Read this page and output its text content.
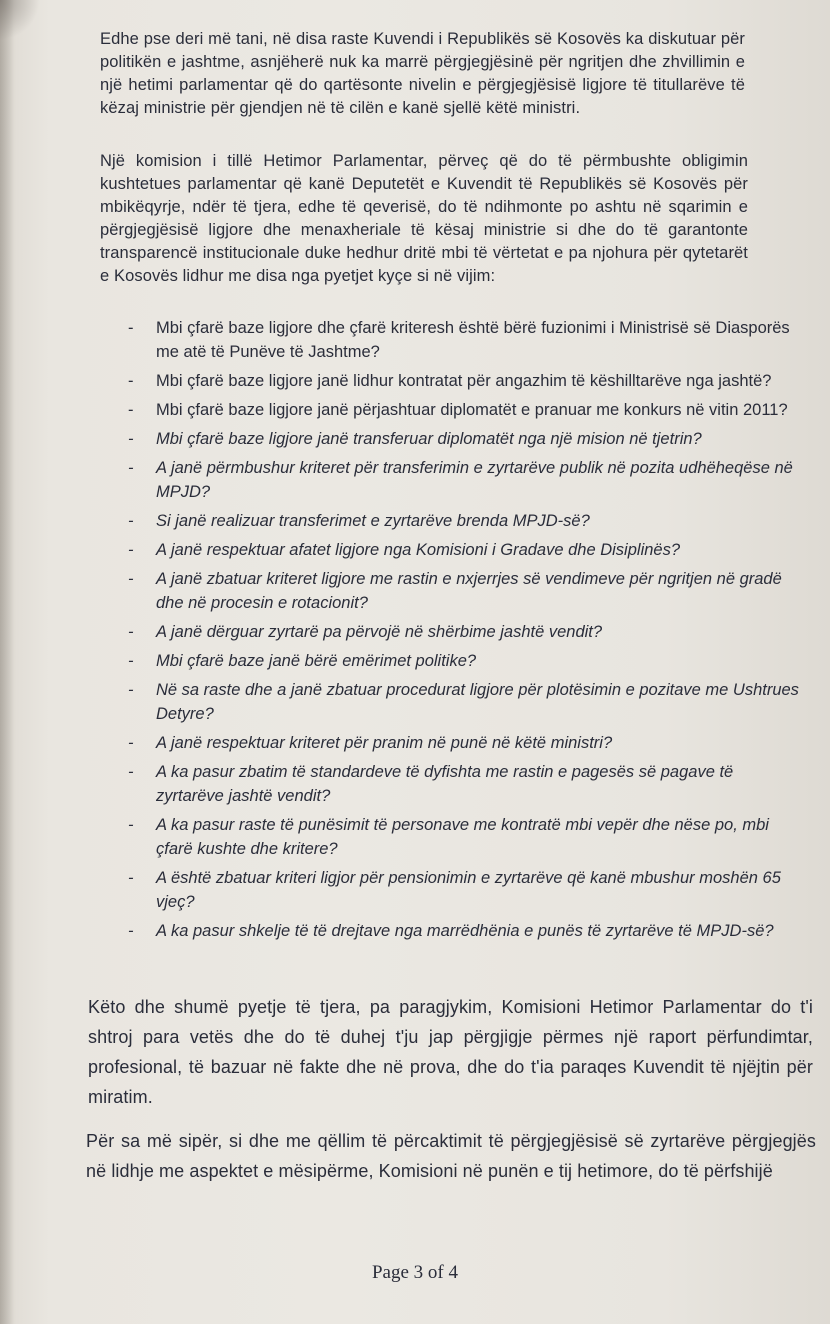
Edhe pse deri më tani, në disa raste Kuvendi i Republikës së Kosovës ka diskutuar për politikën e jashtme, asnjëherë nuk ka marrë përgjegjësinë për ngritjen dhe zhvillimin e një hetimi parlamentar që do qartësonte nivelin e përgjegjësisë ligjore të titullarëve të këzaj ministrie për gjendjen në të cilën e kanë sjellë këtë ministri.

Një komision i tillë Hetimor Parlamentar, përveç që do të përmbushte obligimin kushtetues parlamentar që kanë Deputetët e Kuvendit të Republikës së Kosovës për mbikëqyrje, ndër të tjera, edhe të qeverisë, do të ndihmonte po ashtu në sqarimin e përgjegjësisë ligjore dhe menaxheriale të kësaj ministrie si dhe do të garantonte transparencë institucionale duke hedhur dritë mbi të vërtetat e pa njohura për qytetarët e Kosovës lidhur me disa nga pyetjet kyçe si në vijim:

- Mbi çfarë baze ligjore dhe çfarë kriteresh është bërë fuzionimi i Ministrisë së Diasporës me atë të Punëve të Jashtme?
- Mbi çfarë baze ligjore janë lidhur kontratat për angazhim të këshilltarëve nga jashtë?
- Mbi çfarë baze ligjore janë përjashtuar diplomatët e pranuar me konkurs në vitin 2011?
- Mbi çfarë baze ligjore janë transferuar diplomatët nga një mision në tjetrin?
- A janë përmbushur kriteret për transferimin e zyrtarëve publik në pozita udhëheqëse në MPJD?
- Si janë realizuar transferimet e zyrtarëve brenda MPJD-së?
- A janë respektuar afatet ligjore nga Komisioni i Gradave dhe Disiplinës?
- A janë zbatuar kriteret ligjore me rastin e nxjerrjes së vendimeve për ngritjen në gradë dhe në procesin e rotacionit?
- A janë dërguar zyrtarë pa përvojë në shërbime jashtë vendit?
- Mbi çfarë baze janë bërë emërimet politike?
- Në sa raste dhe a janë zbatuar procedurat ligjore për plotësimin e pozitave me Ushtrues Detyre?
- A janë respektuar kriteret për pranim në punë në këtë ministri?
- A ka pasur zbatim të standardeve të dyfishta me rastin e pagesës së pagave të zyrtarëve jashtë vendit?
- A ka pasur raste të punësimit të personave me kontratë mbi vepër dhe nëse po, mbi çfarë kushte dhe kritere?
- A është zbatuar kriteri ligjor për pensionimin e zyrtarëve që kanë mbushur moshën 65 vjeç?
- A ka pasur shkelje të të drejtave nga marrëdhënia e punës të zyrtarëve të MPJD-së?

Këto dhe shumë pyetje të tjera, pa paragjykim, Komisioni Hetimor Parlamentar do t'i shtroj para vetës dhe do të duhej t'ju jap përgjigje përmes një raport përfundimtar, profesional, të bazuar në fakte dhe në prova, dhe do t'ia paraqes Kuvendit të njëjtin për miratim.

Për sa më sipër, si dhe me qëllim të përcaktimit të përgjegjësisë së zyrtarëve përgjegjës në lidhje me aspektet e mësipërme, Komisioni në punën e tij hetimore, do të përfshijë

Page 3 of 4
